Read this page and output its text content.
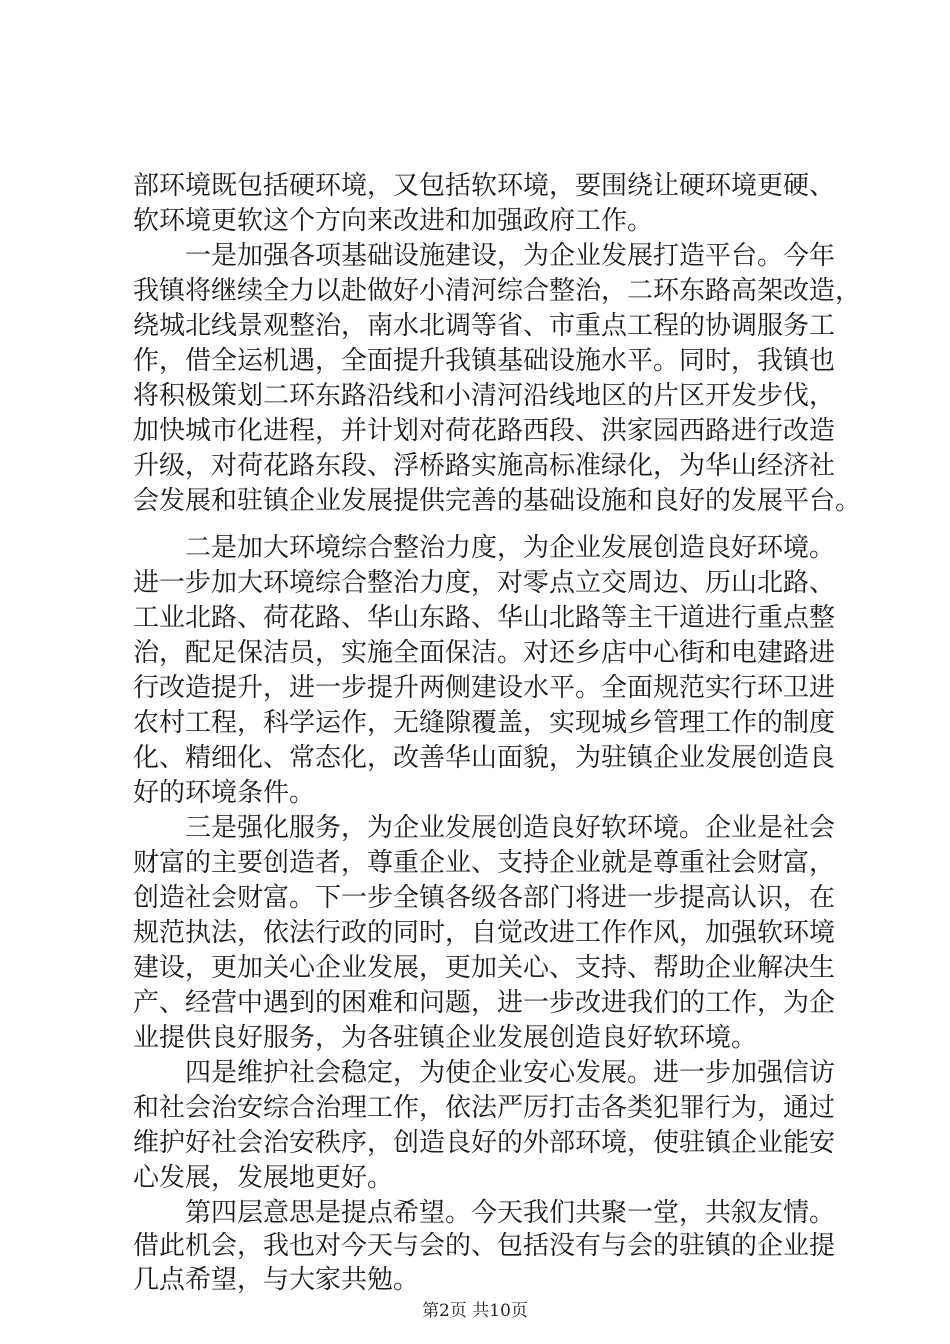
部环境既包括硬环境，又包括软环境，要围绕让硬环境更硬、
软环境更软这个方向来改进和加强政府工作。
　　一是加强各项基础设施建设，为企业发展打造平台。今年
我镇将继续全力以赴做好小清河综合整治，二环东路高架改造，
绕城北线景观整治，南水北调等省、市重点工程的协调服务工
作，借全运机遇，全面提升我镇基础设施水平。同时，我镇也
将积极策划二环东路沿线和小清河沿线地区的片区开发步伐，
加快城市化进程，并计划对荷花路西段、洪家园西路进行改造
升级，对荷花路东段、浮桥路实施高标准绿化，为华山经济社
会发展和驻镇企业发展提供完善的基础设施和良好的发展平台。
　　二是加大环境综合整治力度，为企业发展创造良好环境。
进一步加大环境综合整治力度，对零点立交周边、历山北路、
工业北路、荷花路、华山东路、华山北路等主干道进行重点整
治，配足保洁员，实施全面保洁。对还乡店中心街和电建路进
行改造提升，进一步提升两侧建设水平。全面规范实行环卫进
农村工程，科学运作，无缝隙覆盖，实现城乡管理工作的制度
化、精细化、常态化，改善华山面貌，为驻镇企业发展创造良
好的环境条件。
　　三是强化服务，为企业发展创造良好软环境。企业是社会
财富的主要创造者，尊重企业、支持企业就是尊重社会财富，
创造社会财富。下一步全镇各级各部门将进一步提高认识，在
规范执法，依法行政的同时，自觉改进工作作风，加强软环境
建设，更加关心企业发展，更加关心、支持、帮助企业解决生
产、经营中遇到的困难和问题，进一步改进我们的工作，为企
业提供良好服务，为各驻镇企业发展创造良好软环境。
　　四是维护社会稳定，为使企业安心发展。进一步加强信访
和社会治安综合治理工作，依法严厉打击各类犯罪行为，通过
维护好社会治安秩序，创造良好的外部环境，使驻镇企业能安
心发展，发展地更好。
　　第四层意思是提点希望。今天我们共聚一堂，共叙友情。
借此机会，我也对今天与会的、包括没有与会的驻镇的企业提
几点希望，与大家共勉。
第2页 共10页
